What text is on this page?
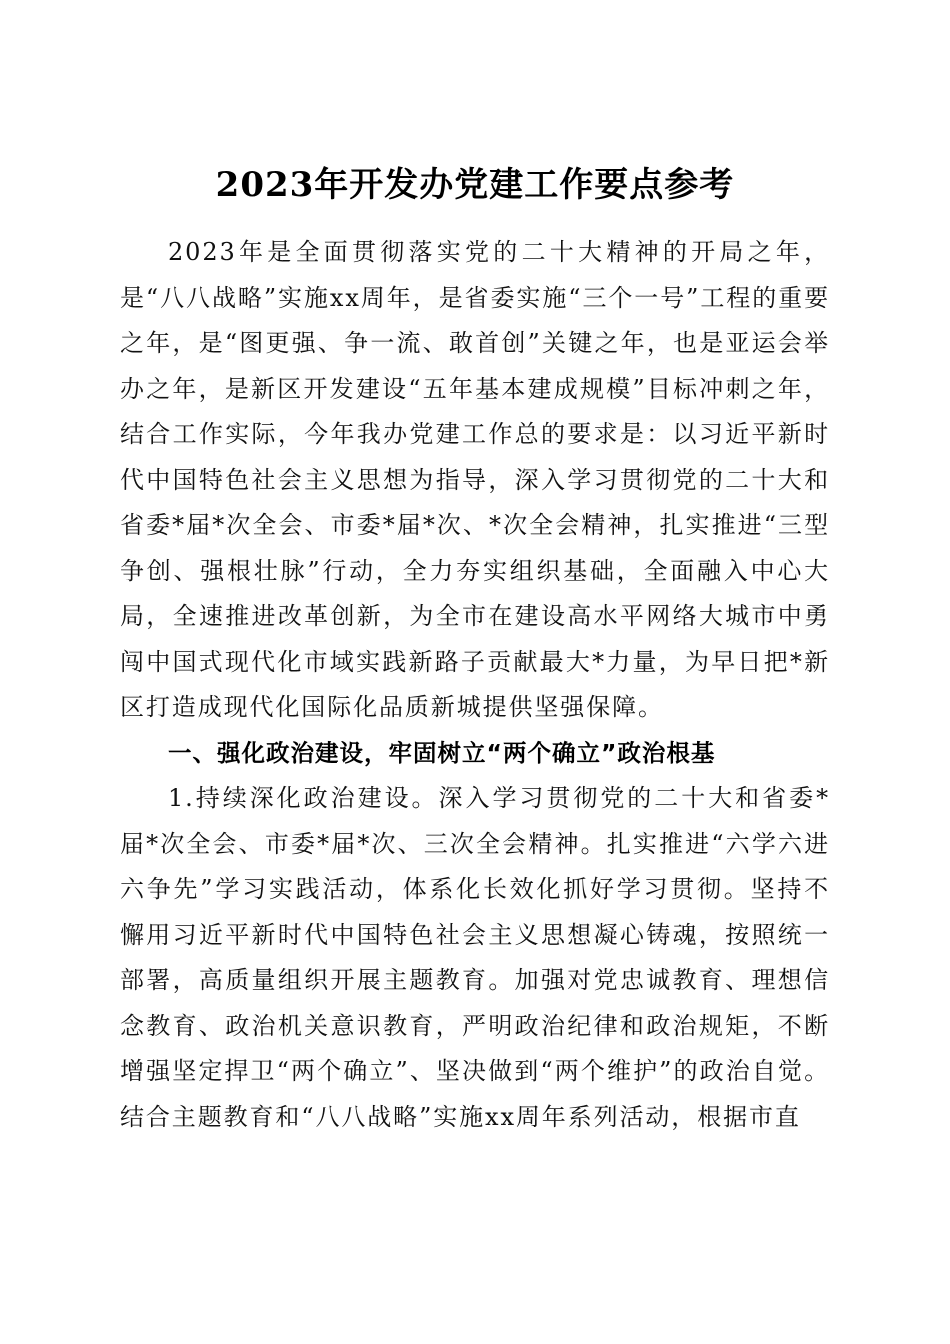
2023年开发办党建工作要点参考

2023年是全面贯彻落实党的二十大精神的开局之年，是“八八战略”实施xx周年，是省委实施“三个一号”工程的重要之年，是“图更强、争一流、敢首创”关键之年，也是亚运会举办之年，是新区开发建设“五年基本建成规模”目标冲刺之年，结合工作实际，今年我办党建工作总的要求是：以习近平新时代中国特色社会主义思想为指导，深入学习贯彻党的二十大和省委*届*次全会、市委*届*次、*次全会精神，扎实推进“三型争创、强根壮脉”行动，全力夯实组织基础，全面融入中心大局，全速推进改革创新，为全市在建设高水平网络大城市中勇闯中国式现代化市域实践新路子贡献最大*力量，为早日把*新区打造成现代化国际化品质新城提供坚强保障。

一、强化政治建设，牢固树立“两个确立”政治根基

1.持续深化政治建设。深入学习贯彻党的二十大和省委*届*次全会、市委*届*次、三次全会精神。扎实推进“六学六进六争先”学习实践活动，体系化长效化抓好学习贯彻。坚持不懈用习近平新时代中国特色社会主义思想凝心铸魂，按照统一部署，高质量组织开展主题教育。加强对党忠诚教育、理想信念教育、政治机关意识教育，严明政治纪律和政治规矩，不断增强坚定捍卫“两个确立”、坚决做到“两个维护”的政治自觉。结合主题教育和“八八战略”实施xx周年系列活动，根据市直
